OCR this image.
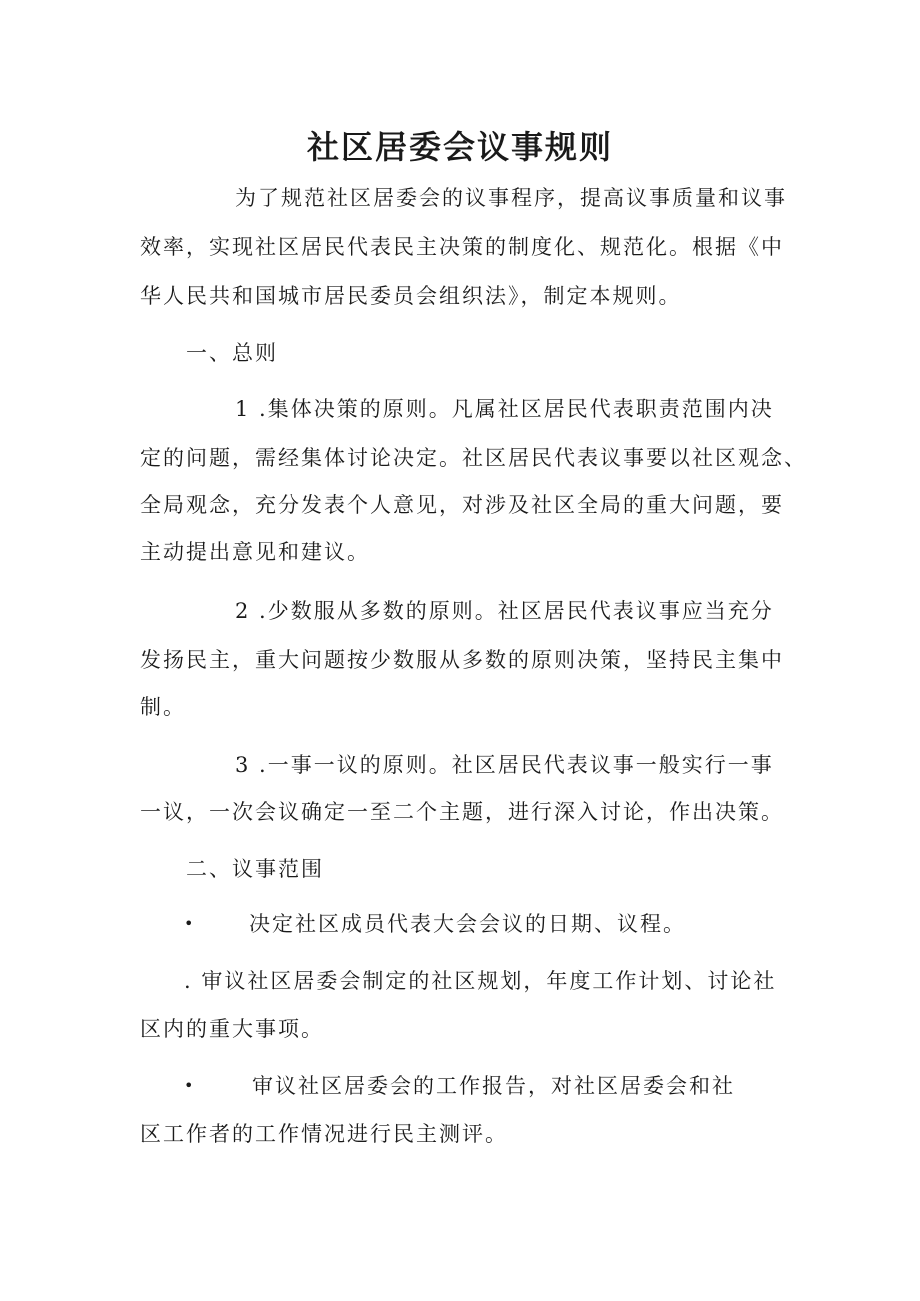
社区居委会议事规则
为了规范社区居委会的议事程序，提高议事质量和议事
效率，实现社区居民代表民主决策的制度化、规范化。根据《中
华人民共和国城市居民委员会组织法》，制定本规则。
一、总则
1 .集体决策的原则。凡属社区居民代表职责范围内决
定的问题，需经集体讨论决定。社区居民代表议事要以社区观念、
全局观念，充分发表个人意见，对涉及社区全局的重大问题，要
主动提出意见和建议。
2 .少数服从多数的原则。社区居民代表议事应当充分
发扬民主，重大问题按少数服从多数的原则决策，坚持民主集中
制。
3 .一事一议的原则。社区居民代表议事一般实行一事
一议，一次会议确定一至二个主题，进行深入讨论，作出决策。
二、议事范围
•	决定社区成员代表大会会议的日期、议程。
. 审议社区居委会制定的社区规划，年度工作计划、讨论社
区内的重大事项。
•	审议社区居委会的工作报告，对社区居委会和社
区工作者的工作情况进行民主测评。
